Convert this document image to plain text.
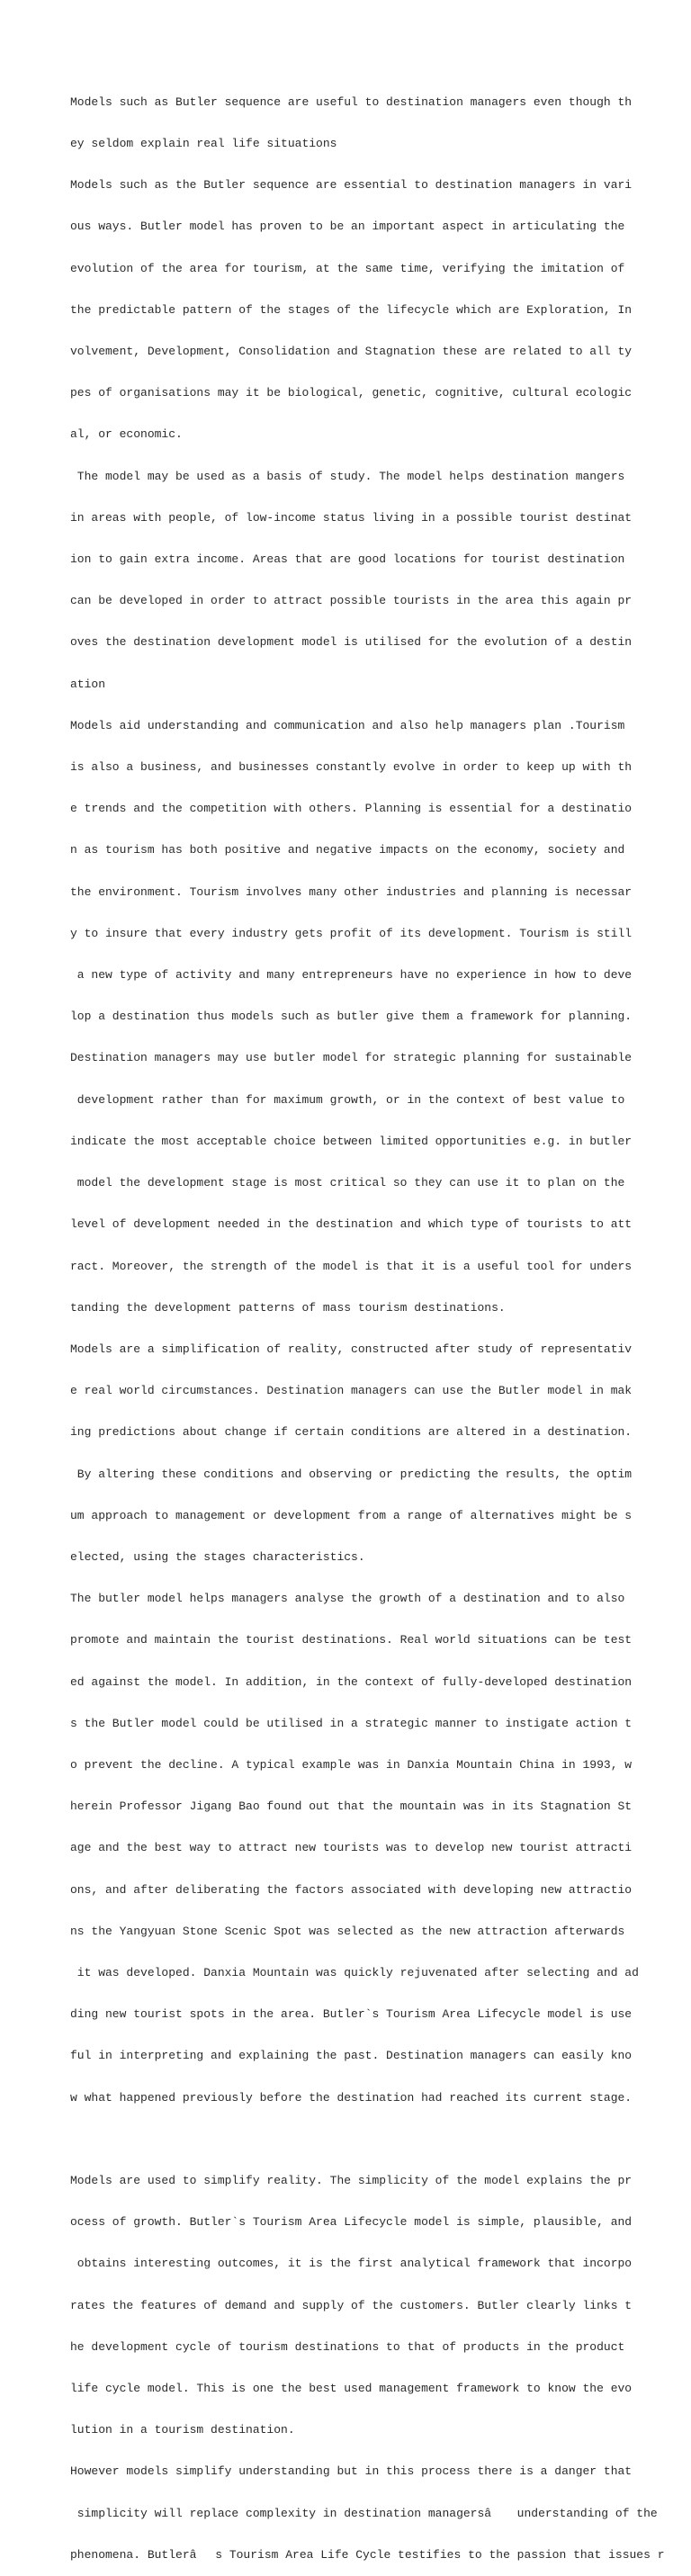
Models such as Butler sequence are useful to destination managers even though th

ey seldom explain real life situations

Models such as the Butler sequence are essential to destination managers in vari

ous ways. Butler model has proven to be an important aspect in articulating the

evolution of the area for tourism, at the same time, verifying the imitation of

the predictable pattern of the stages of the lifecycle which are Exploration, In

volvement, Development, Consolidation and Stagnation these are related to all ty

pes of organisations may it be biological, genetic, cognitive, cultural ecologic

al, or economic.

The model may be used as a basis of study. The model helps destination mangers

in areas with people, of low-income status living in a possible tourist destinat

ion to gain extra income. Areas that are good locations for tourist destination

can be developed in order to attract possible tourists in the area this again pr

oves the destination development model is utilised for the evolution of a destin

ation

Models aid understanding and communication and also help managers plan .Tourism

is also a business, and businesses constantly evolve in order to keep up with th

e trends and the competition with others. Planning is essential for a destinatio

n as tourism has both positive and negative impacts on the economy, society and

the environment. Tourism involves many other industries and planning is necessar

y to insure that every industry gets profit of its development. Tourism is still

a new type of activity and many entrepreneurs have no experience in how to deve

lop a destination thus models such as butler give them a framework for planning.

Destination managers may use butler model for strategic planning for sustainable

development rather than for maximum growth, or in the context of best value to

indicate the most acceptable choice between limited opportunities e.g. in butler

model the development stage is most critical so they can use it to plan on the

level of development needed in the destination and which type of tourists to att

ract. Moreover, the strength of the model is that it is a useful tool for unders

tanding the development patterns of mass tourism destinations.

Models are a simplification of reality, constructed after study of representativ

e real world circumstances. Destination managers can use the Butler model in mak

ing predictions about change if certain conditions are altered in a destination.

By altering these conditions and observing or predicting the results, the optim

um approach to management or development from a range of alternatives might be s

elected, using the stages characteristics.

The butler model helps managers analyse the growth of a destination and to also

promote and maintain the tourist destinations. Real world situations can be test

ed against the model. In addition, in the context of fully-developed destination

s the Butler model could be utilised in a strategic manner to instigate action t

o prevent the decline. A typical example was in Danxia Mountain China in 1993, w

herein Professor Jigang Bao found out that the mountain was in its Stagnation St

age and the best way to attract new tourists was to develop new tourist attracti

ons, and after deliberating the factors associated with developing new attractio

ns the Yangyuan Stone Scenic Spot was selected as the new attraction afterwards

it was developed. Danxia Mountain was quickly rejuvenated after selecting and ad

ding new tourist spots in the area. Butler`s Tourism Area Lifecycle model is use

ful in interpreting and explaining the past. Destination managers can easily kno

w what happened previously before the destination had reached its current stage.

Models are used to simplify reality. The simplicity of the model explains the pr

ocess of growth. Butler`s Tourism Area Lifecycle model is simple, plausible, and

obtains interesting outcomes, it is the first analytical framework that incorpo

rates the features of demand and supply of the customers. Butler clearly links t

he development cycle of tourism destinations to that of products in the product

life cycle model. This is one the best used management framework to know the evo

lution in a tourism destination.

However models simplify understanding but in this process there is a danger that

simplicity will replace complexity in destination managersâ understanding of the

phenomena. Butlerâs Tourism Area Life Cycle testifies to the passion that issues r
